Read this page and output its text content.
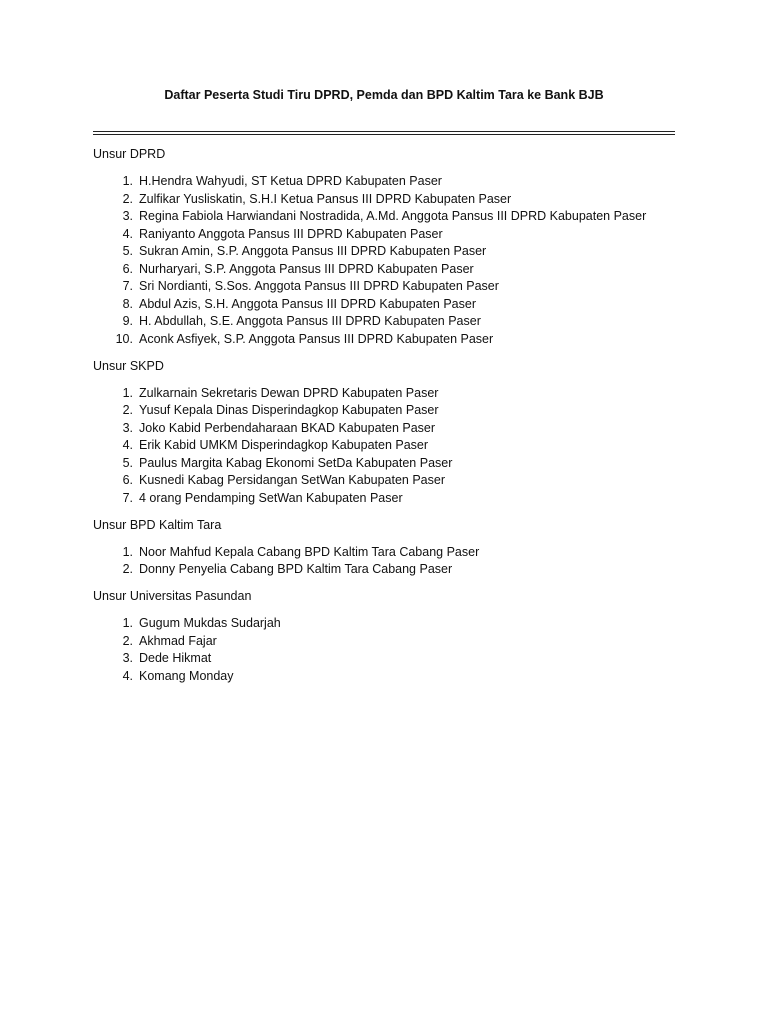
Daftar Peserta Studi Tiru DPRD, Pemda dan BPD Kaltim Tara ke Bank BJB
Unsur DPRD
1. H.Hendra Wahyudi, ST Ketua DPRD Kabupaten Paser
2. Zulfikar Yusliskatin, S.H.I Ketua Pansus III DPRD Kabupaten Paser
3. Regina Fabiola Harwiandani Nostradida, A.Md. Anggota Pansus III DPRD Kabupaten Paser
4. Raniyanto Anggota Pansus III DPRD Kabupaten Paser
5. Sukran Amin, S.P. Anggota Pansus III DPRD Kabupaten Paser
6. Nurharyari, S.P. Anggota Pansus III DPRD Kabupaten Paser
7. Sri Nordianti, S.Sos. Anggota Pansus III DPRD Kabupaten Paser
8. Abdul Azis, S.H. Anggota Pansus III DPRD Kabupaten Paser
9. H. Abdullah, S.E. Anggota Pansus III DPRD Kabupaten Paser
10. Aconk Asfiyek, S.P. Anggota Pansus III DPRD Kabupaten Paser
Unsur SKPD
1. Zulkarnain Sekretaris Dewan DPRD Kabupaten Paser
2. Yusuf Kepala Dinas Disperindagkop Kabupaten Paser
3. Joko Kabid Perbendaharaan BKAD Kabupaten Paser
4. Erik Kabid UMKM Disperindagkop Kabupaten Paser
5. Paulus Margita Kabag Ekonomi SetDa Kabupaten Paser
6. Kusnedi Kabag Persidangan SetWan Kabupaten Paser
7. 4 orang Pendamping SetWan Kabupaten Paser
Unsur BPD Kaltim Tara
1. Noor Mahfud Kepala Cabang BPD Kaltim Tara Cabang Paser
2. Donny Penyelia Cabang BPD Kaltim Tara Cabang Paser
Unsur Universitas Pasundan
1. Gugum Mukdas Sudarjah
2. Akhmad Fajar
3. Dede Hikmat
4. Komang Monday
